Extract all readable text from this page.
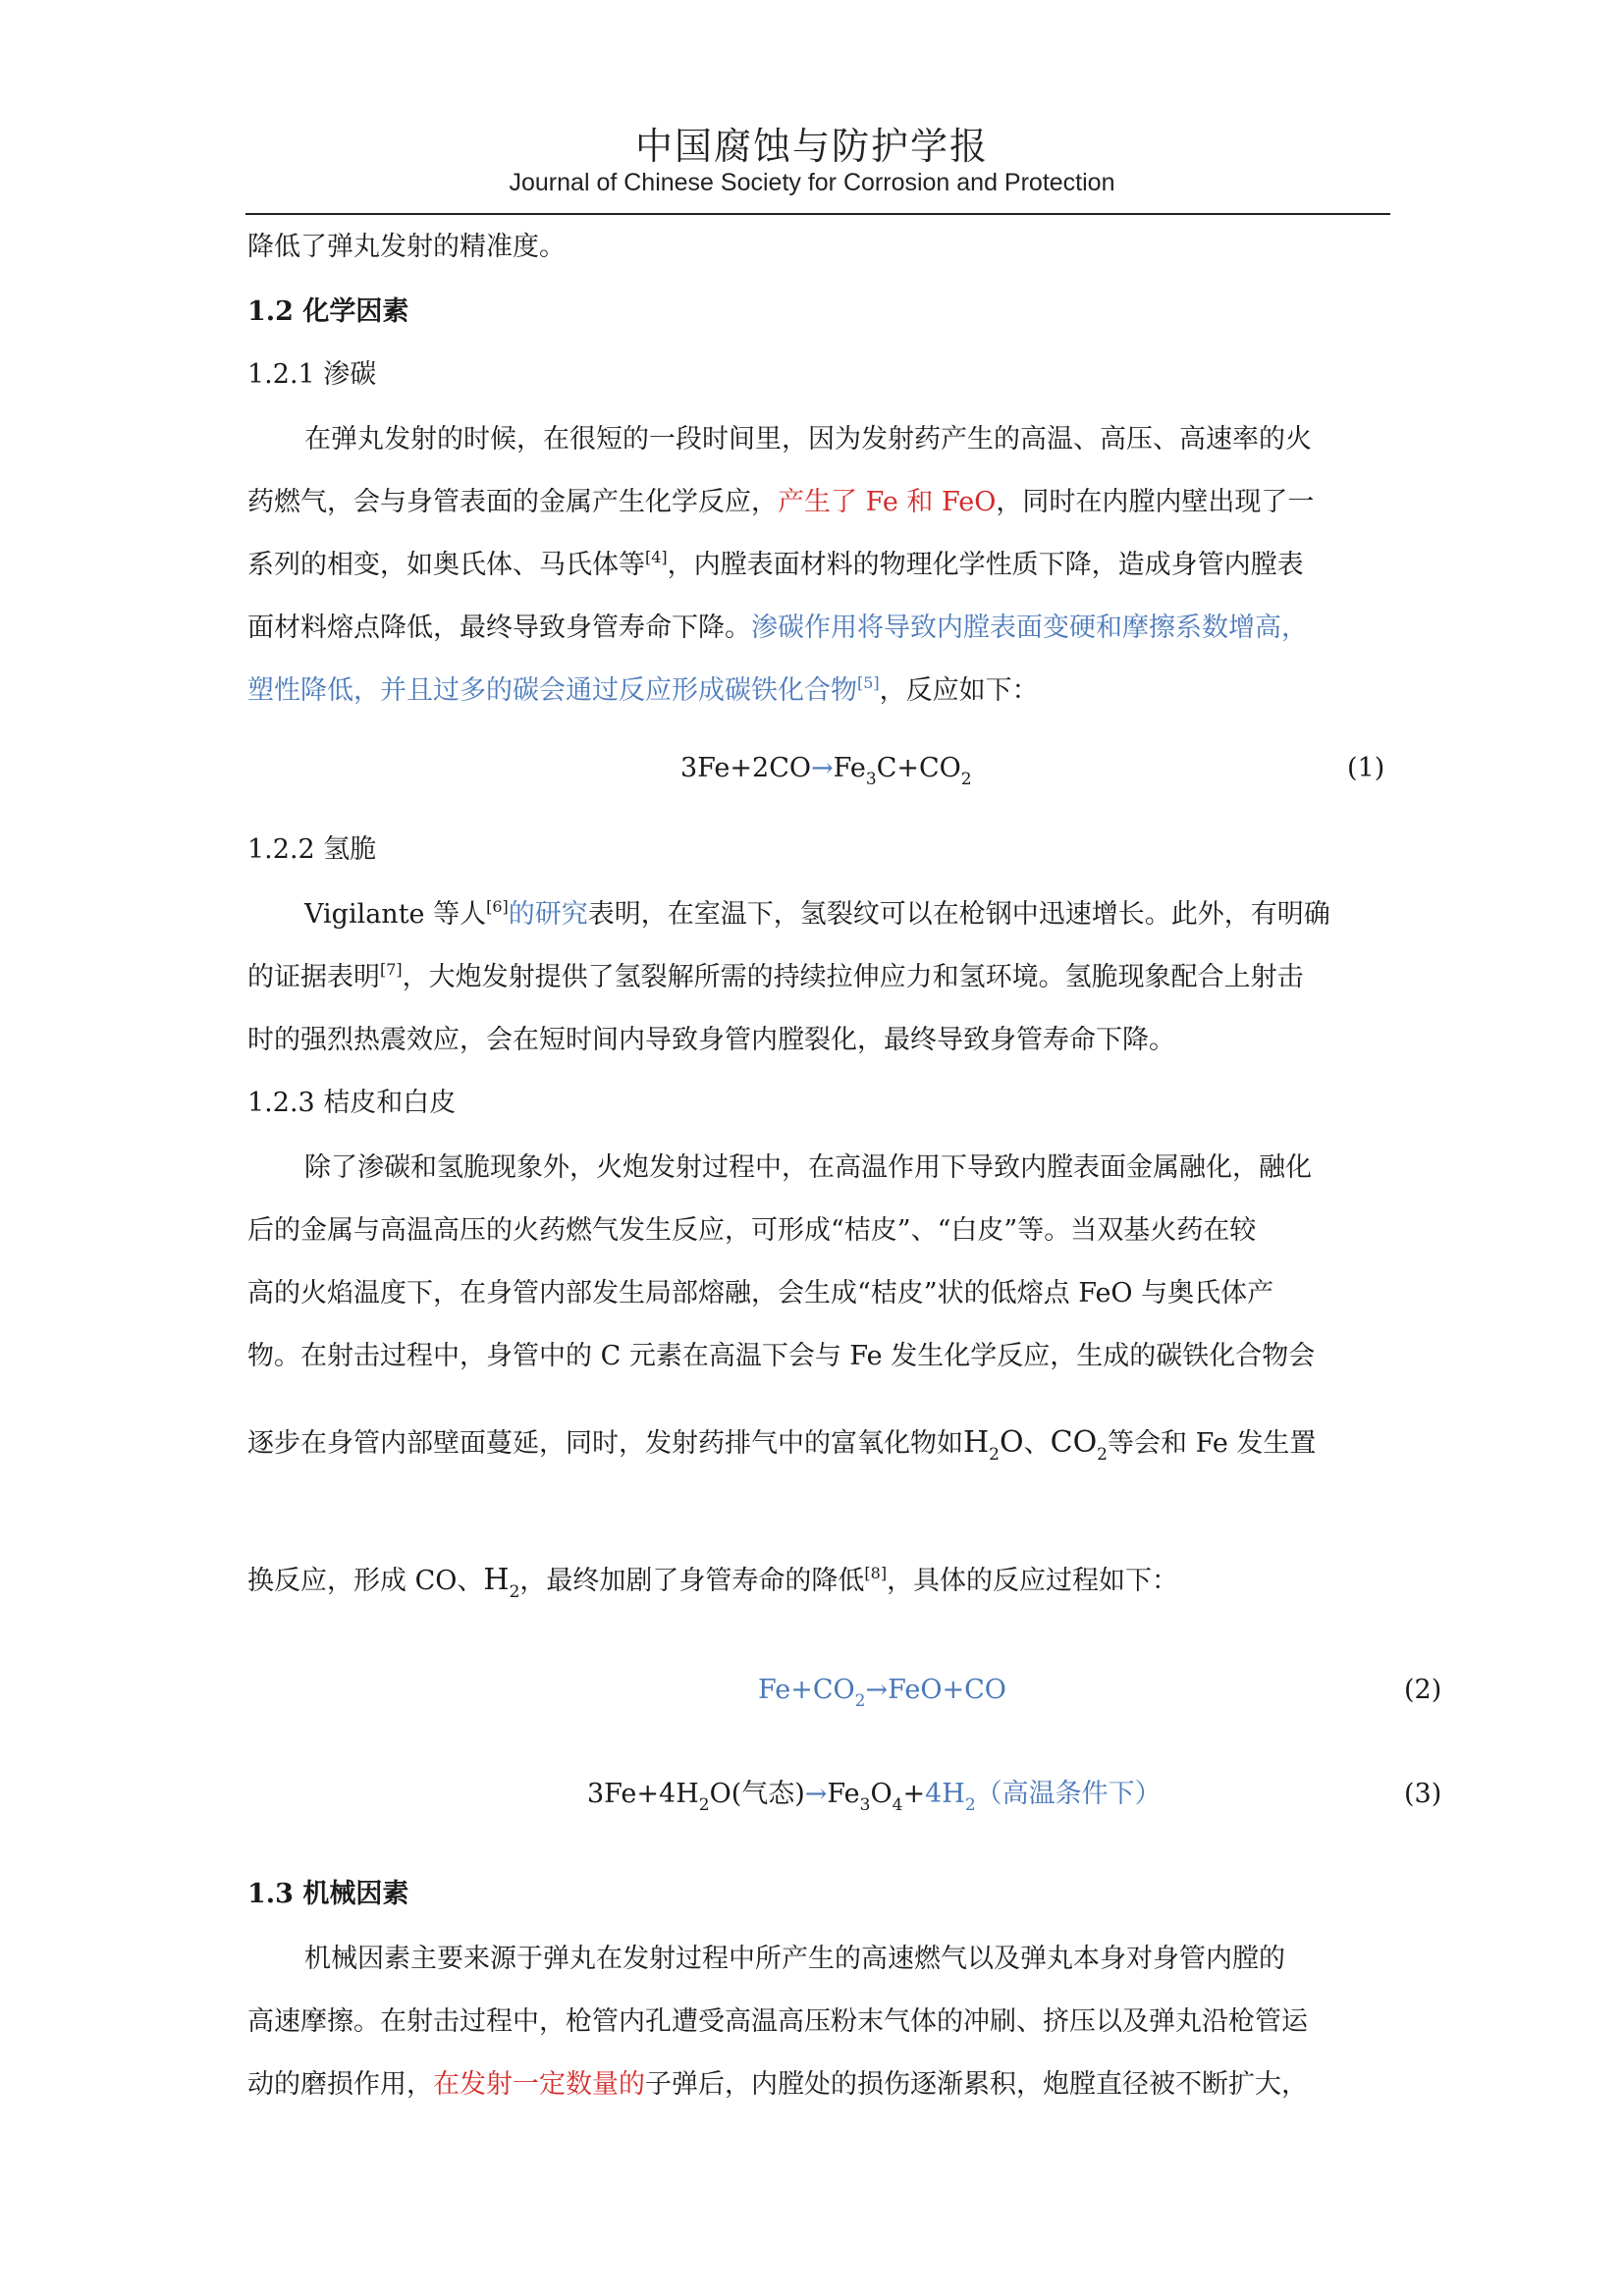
中国腐蚀与防护学报
Journal of Chinese Society for Corrosion and Protection
降低了弹丸发射的精准度。
1.2 化学因素
1.2.1 渗碳
在弹丸发射的时候，在很短的一段时间里，因为发射药产生的高温、高压、高速率的火
药燃气，会与身管表面的金属产生化学反应，产生了 Fe 和 FeO，同时在内膛内壁出现了一
系列的相变，如奥氏体、马氏体等[4]，内膛表面材料的物理化学性质下降，造成身管内膛表
面材料熔点降低，最终导致身管寿命下降。渗碳作用将导致内膛表面变硬和摩擦系数增高，
塑性降低，并且过多的碳会通过反应形成碳铁化合物[5]，反应如下：
$3Fe+2CO\to Fe_3C+CO_2$	(1)
1.2.2 氢脆
Vigilante 等人[6]的研究表明，在室温下，氢裂纹可以在枪钢中迅速增长。此外，有明确
的证据表明[7]，大炮发射提供了氢裂解所需的持续拉伸应力和氢环境。氢脆现象配合上射击
时的强烈热震效应，会在短时间内导致身管内膛裂化，最终导致身管寿命下降。
1.2.3 桔皮和白皮
除了渗碳和氢脆现象外，火炮发射过程中，在高温作用下导致内膛表面金属融化，融化
后的金属与高温高压的火药燃气发生反应，可形成“桔皮”、“白皮”等。当双基火药在较
高的火焰温度下，在身管内部发生局部熔融，会生成“桔皮”状的低熔点 FeO 与奥氏体产
物。在射击过程中，身管中的 C 元素在高温下会与 Fe 发生化学反应，生成的碳铁化合物会
逐步在身管内部壁面蔓延，同时，发射药排气中的富氧化物如$H_2O$、$CO_2$等会和 Fe 发生置
换反应，形成 CO、$H_2$，最终加剧了身管寿命的降低[8]，具体的反应过程如下：
$Fe+CO_2\to FeO+CO$	(2)
$3Fe+4H_2O$(气态)$\to Fe_3O_4+4H_2$（高温条件下）	(3)
1.3 机械因素
机械因素主要来源于弹丸在发射过程中所产生的高速燃气以及弹丸本身对身管内膛的
高速摩擦。在射击过程中，枪管内孔遭受高温高压粉末气体的冲刷、挤压以及弹丸沿枪管运
动的磨损作用，在发射一定数量的子弹后，内膛处的损伤逐渐累积，炮膛直径被不断扩大，
